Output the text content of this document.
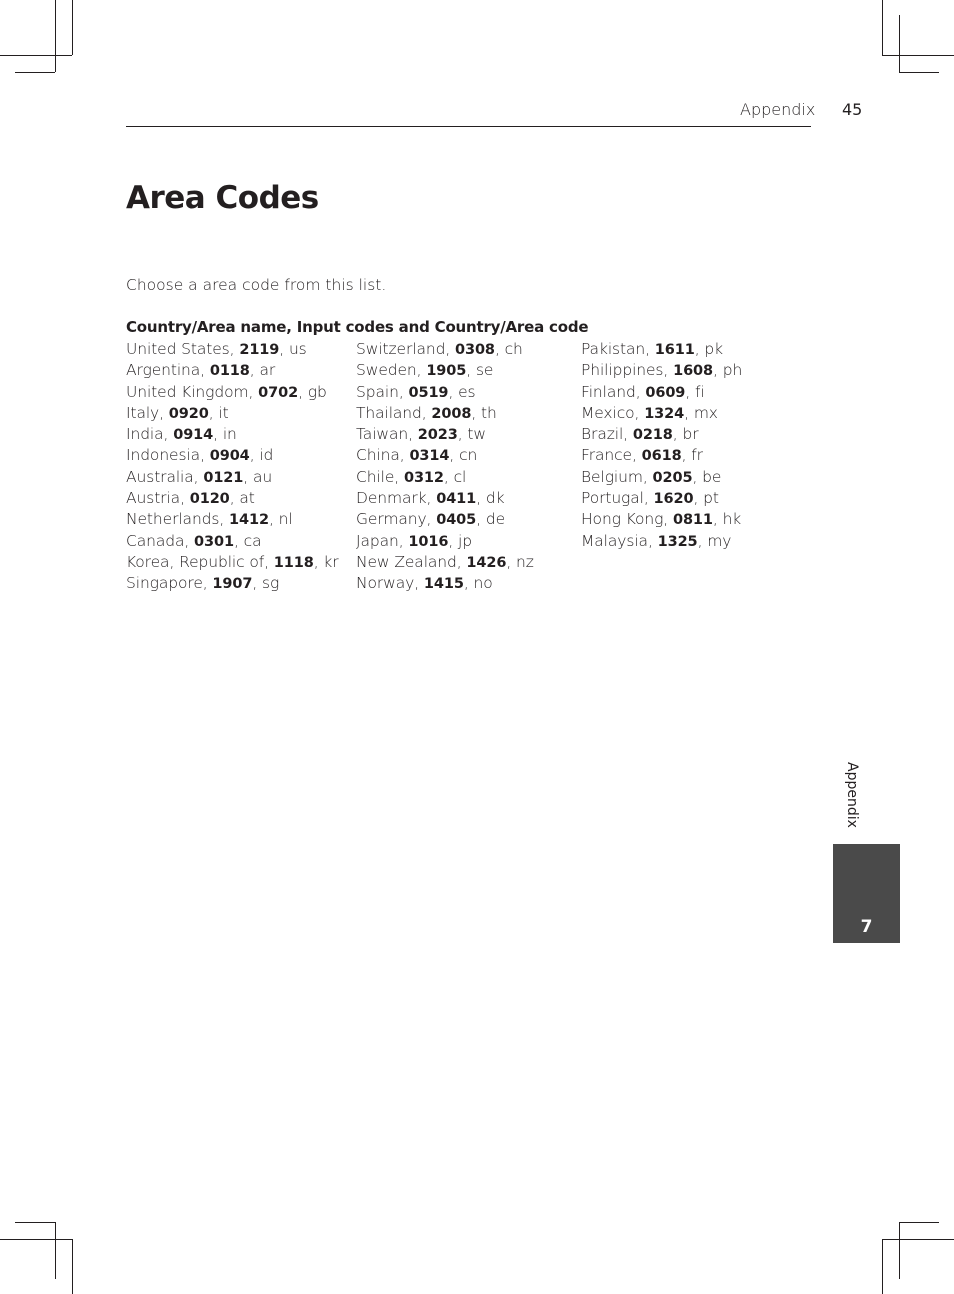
Appendix 45
Area Codes
Choose a area code from this list.
Country/Area name, Input codes and Country/Area code
United States, 2119, us
Argentina, 0118, ar
United Kingdom, 0702, gb
Italy, 0920, it
India, 0914, in
Indonesia, 0904, id
Australia, 0121, au
Austria, 0120, at
Netherlands, 1412, nl
Canada, 0301, ca
Korea, Republic of, 1118, kr
Singapore, 1907, sg
Switzerland, 0308, ch
Sweden, 1905, se
Spain, 0519, es
Thailand, 2008, th
Taiwan, 2023, tw
China, 0314, cn
Chile, 0312, cl
Denmark, 0411, dk
Germany, 0405, de
Japan, 1016, jp
New Zealand, 1426, nz
Norway, 1415, no
Pakistan, 1611, pk
Philippines, 1608, ph
Finland, 0609, fi
Mexico, 1324, mx
Brazil, 0218, br
France, 0618, fr
Belgium, 0205, be
Portugal, 1620, pt
Hong Kong, 0811, hk
Malaysia, 1325, my
Appendix
7
